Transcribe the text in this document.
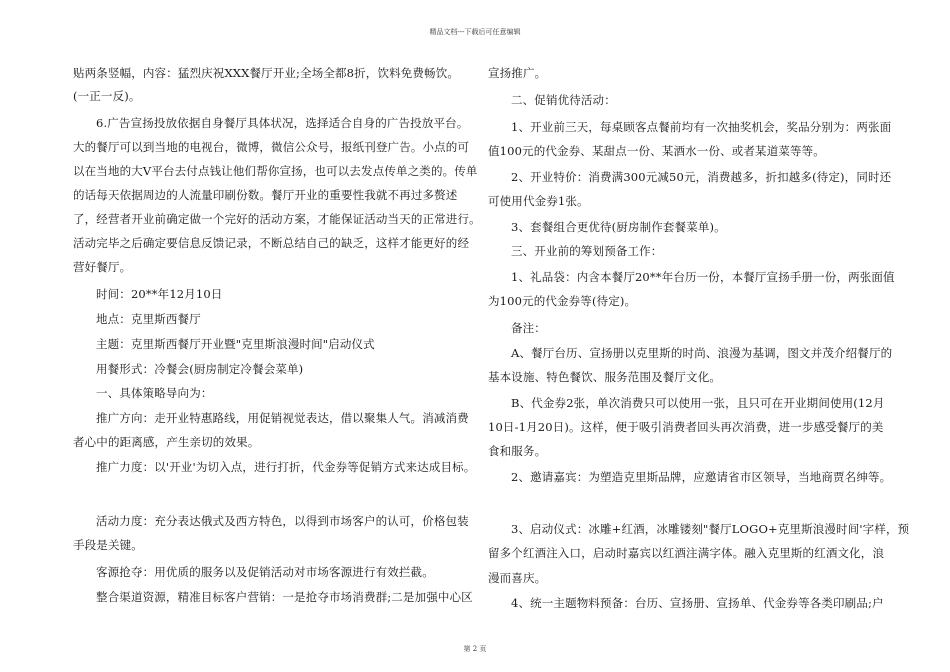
精品文档---下载后可任意编辑
贴两条竖幅，内容：猛烈庆祝XXX餐厅开业;全场全都8折，饮料免费畅饮。
(一正一反)。
6.广告宣扬投放依据自身餐厅具体状况，选择适合自身的广告投放平台。
大的餐厅可以到当地的电视台，微博，微信公众号，报纸刊登广告。小点的可
以在当地的大V平台去付点钱让他们帮你宣扬，也可以去发点传单之类的。传单
的话每天依据周边的人流量印刷份数。餐厅开业的重要性我就不再过多赘述
了，经营者开业前确定做一个完好的活动方案，才能保证活动当天的正常进行。
活动完毕之后确定要信息反馈记录，不断总结自己的缺乏，这样才能更好的经
营好餐厅。
时间：20**年12月10日
地点：克里斯西餐厅
主题：克里斯西餐厅开业暨"克里斯浪漫时间"启动仪式
用餐形式：冷餐会(厨房制定冷餐会菜单)
一、具体策略导向为：
推广方向：走开业特惠路线，用促销视觉表达，借以聚集人气。消减消费
者心中的距离感，产生亲切的效果。
推广力度：以'开业'为切入点，进行打折，代金券等促销方式来达成目标。
活动力度：充分表达俄式及西方特色，以得到市场客户的认可，价格包装
手段是关键。
客源抢夺：用优质的服务以及促销活动对市场客源进行有效拦截。
整合渠道资源，精准目标客户营销：一是抢夺市场消费群;二是加强中心区
宣扬推广。
二、促销优待活动：
1、开业前三天，每桌顾客点餐前均有一次抽奖机会，奖品分别为：两张面
值100元的代金券、某甜点一份、某酒水一份、或者某道菜等等。
2、开业特价：消费满300元减50元，消费越多，折扣越多(待定)，同时还
可使用代金券1张。
3、套餐组合更优待(厨房制作套餐菜单)。
三、开业前的筹划预备工作：
1、礼品袋：内含本餐厅20**年台历一份，本餐厅宣扬手册一份，两张面值
为100元的代金券等(待定)。
备注：
A、餐厅台历、宣扬册以克里斯的时尚、浪漫为基调，图文并茂介绍餐厅的
基本设施、特色餐饮、服务范围及餐厅文化。
B、代金券2张，单次消费只可以使用一张，且只可在开业期间使用(12月
10日-1月20日)。这样，便于吸引消费者回头再次消费，进一步感受餐厅的美
食和服务。
2、邀请嘉宾：为塑造克里斯品牌，应邀请省市区领导，当地商贾名绅等。
3、启动仪式：冰雕+红酒，冰雕镂刻"餐厅LOGO+克里斯浪漫时间'字样，预
留多个红酒注入口，启动时嘉宾以红酒注满字体。融入克里斯的红酒文化，浪
漫而喜庆。
4、统一主题物料预备：台历、宣扬册、宣扬单、代金券等各类印刷品;户
第 2 页
